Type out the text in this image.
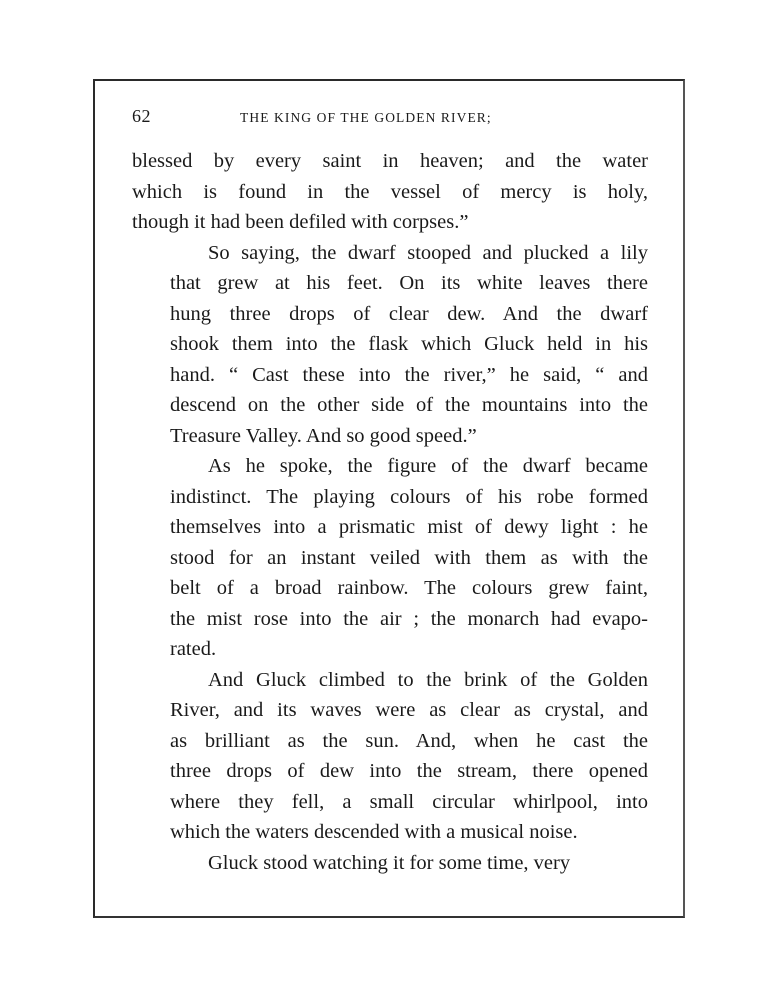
62	THE KING OF THE GOLDEN RIVER;

blessed by every saint in heaven; and the water
which is found in the vessel of mercy is holy,
though it had been defiled with corpses.”

So saying, the dwarf stooped and plucked a lily
that grew at his feet. On its white leaves there
hung three drops of clear dew. And the dwarf
shook them into the flask which Gluck held in his
hand. “ Cast these into the river,” he said, “ and
descend on the other side of the mountains into the
Treasure Valley. And so good speed.”

As he spoke, the figure of the dwarf became
indistinct. The playing colours of his robe formed
themselves into a prismatic mist of dewy light : he
stood for an instant veiled with them as with the
belt of a broad rainbow. The colours grew faint,
the mist rose into the air ; the monarch had evapo-
rated.

And Gluck climbed to the brink of the Golden
River, and its waves were as clear as crystal, and
as brilliant as the sun. And, when he cast the
three drops of dew into the stream, there opened
where they fell, a small circular whirlpool, into
which the waters descended with a musical noise.

Gluck stood watching it for some time, very
